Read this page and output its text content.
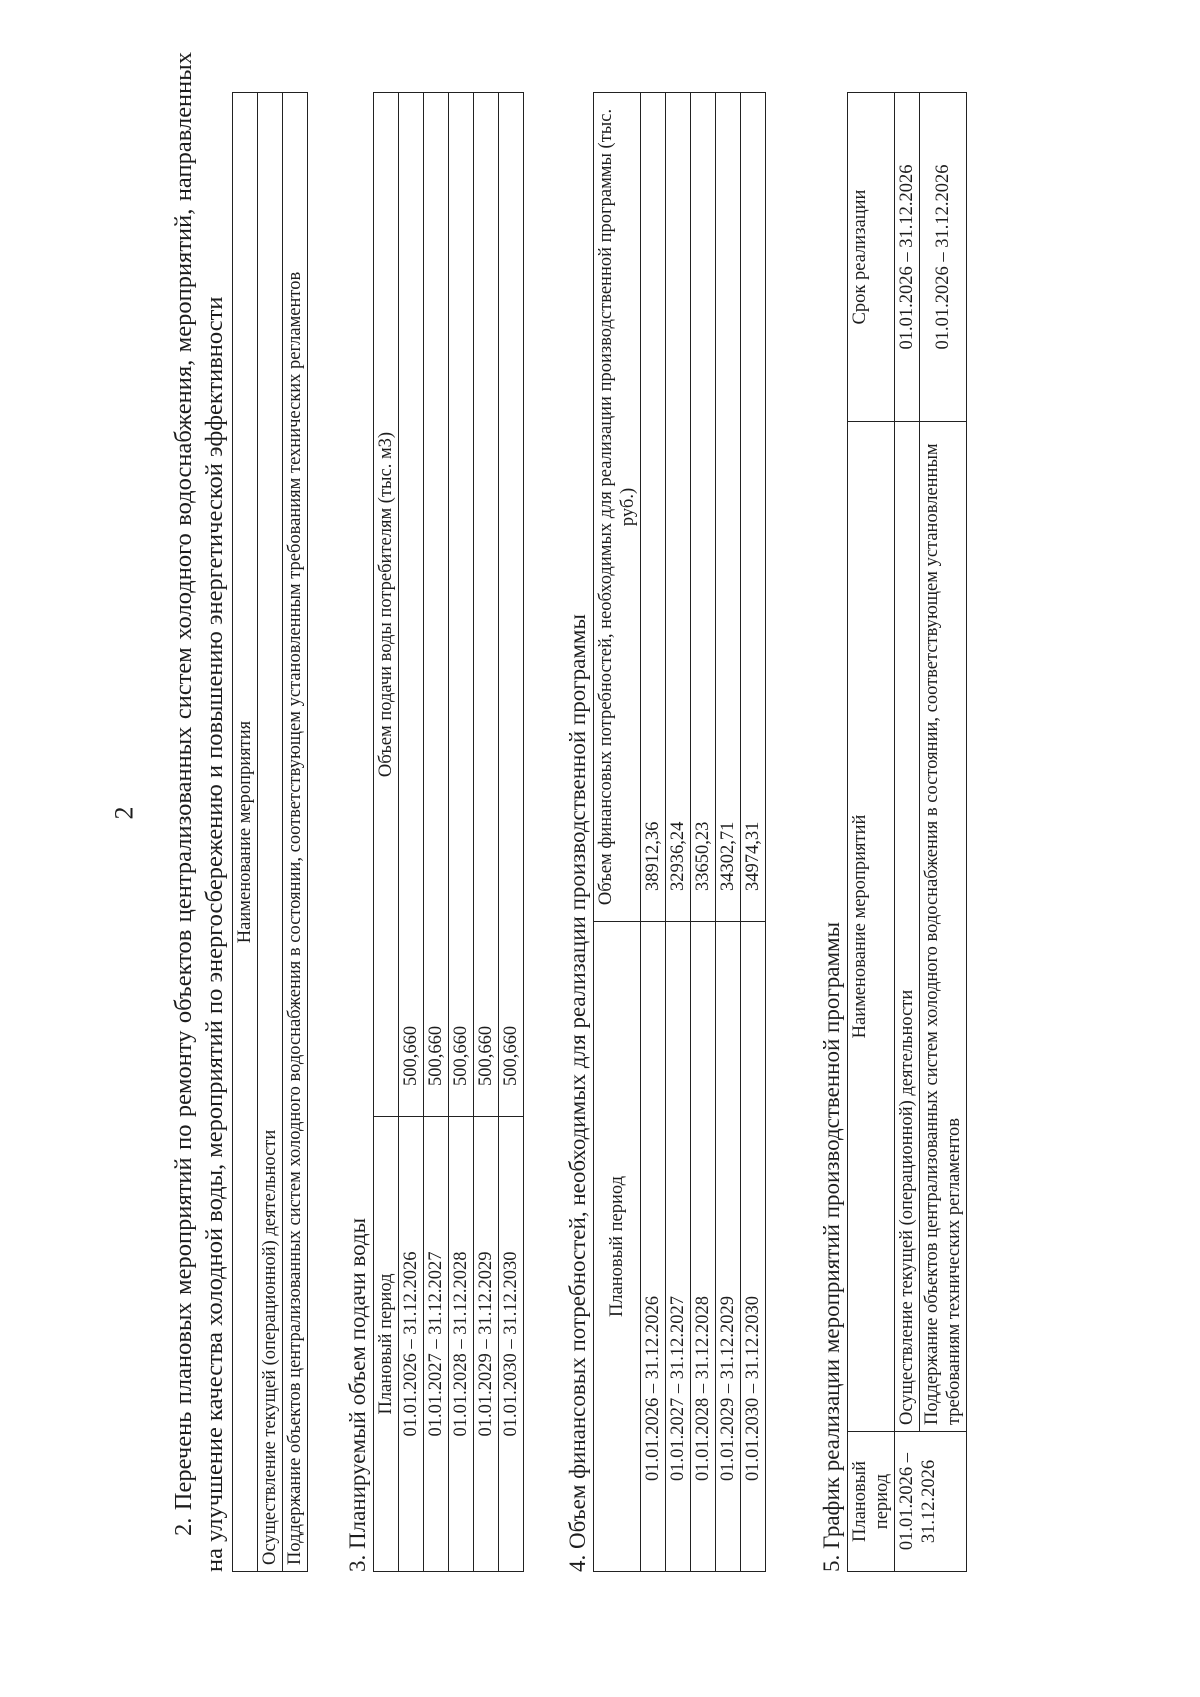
2 2. Перечень плановых мероприятий по ремонту объектов централизованных систем холодного водоснабжения, мероприятий, направленных на улучшение качества холодной воды, мероприятий по энергосбережению и повышению энергетической эффективности Наименование мероприятия
Осуществление текущей (операционной) деятельности
Поддержание объектов централизованных систем холодного водоснабжения в состоянии, соответствующем установленным требованиям технических регламентов 3. Планируемый объем подачи воды Плановый период	Объем подачи воды потребителям (тыс. м3)
01.01.2026 – 31.12.2026	500,660
01.01.2027 – 31.12.2027	500,660
01.01.2028 – 31.12.2028	500,660
01.01.2029 – 31.12.2029	500,660
01.01.2030 – 31.12.2030	500,660 4. Объем финансовых потребностей, необходимых для реализации производственной программы Плановый период	Объем финансовых потребностей, необходимых для реализации производственной программы (тыс. руб.)
01.01.2026 – 31.12.2026	38912,36
01.01.2027 – 31.12.2027	32936,24
01.01.2028 – 31.12.2028	33650,23
01.01.2029 – 31.12.2029	34302,71
01.01.2030 – 31.12.2030	34974,31

5. График реализации мероприятий производственной программы Плановый период	Наименование мероприятий	Срок реализации
01.01.2026 – 31.12.2026	Осуществление текущей (операционной) деятельности	01.01.2026 – 31.12.2026
	Поддержание объектов централизованных систем холодного водоснабжения в состоянии, соответствующем установленным требованиям технических регламентов	01.01.2026 – 31.12.2026
